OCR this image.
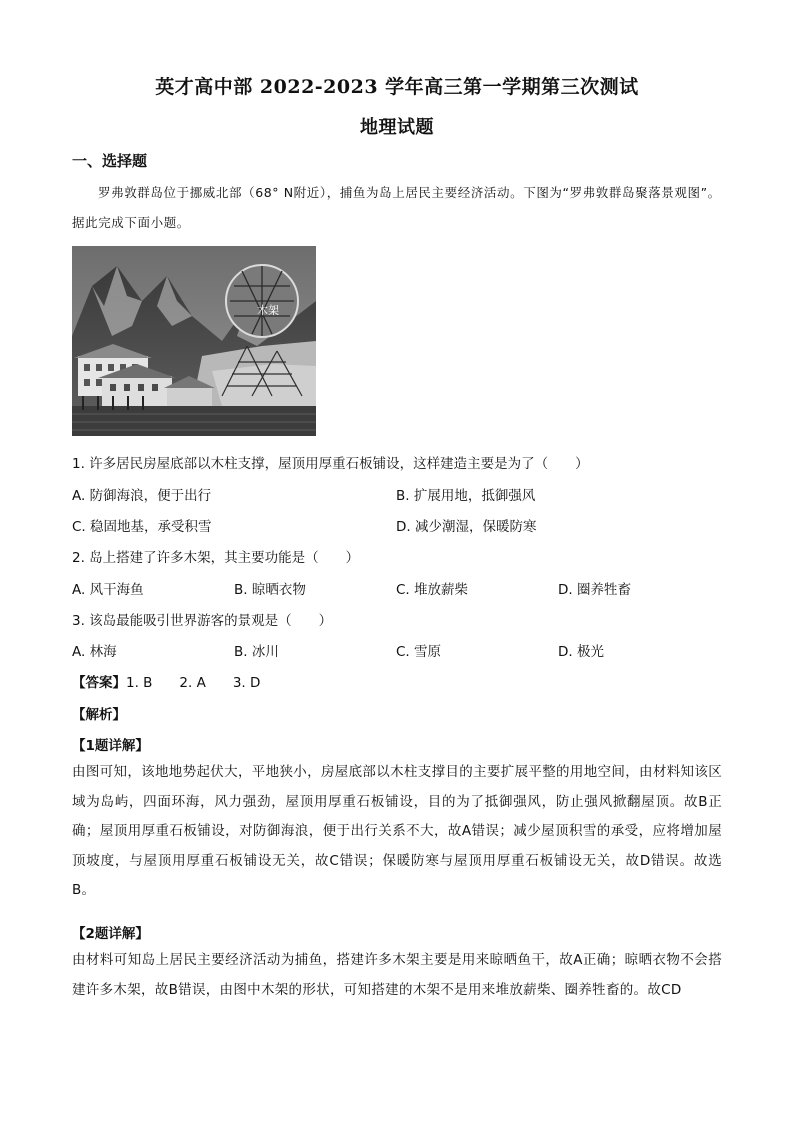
英才高中部 2022-2023 学年高三第一学期第三次测试
地理试题
一、选择题
罗弗敦群岛位于挪威北部（68° N附近），捕鱼为岛上居民主要经济活动。下图为“罗弗敦群岛聚落景观图”。据此完成下面小题。
木架
1. 许多居民房屋底部以木柱支撑，屋顶用厚重石板铺设，这样建造主要是为了（　　）
A. 防御海浪，便于出行	B. 扩展用地，抵御强风
C. 稳固地基，承受积雪	D. 减少潮湿，保暖防寒
2. 岛上搭建了许多木架，其主要功能是（　　）
A. 风干海鱼	B. 晾晒衣物	C. 堆放薪柴	D. 圈养牲畜
3. 该岛最能吸引世界游客的景观是（　　）
A. 林海	B. 冰川	C. 雪原	D. 极光
【答案】1. B　　2. A　　3. D
【解析】
【1题详解】
由图可知，该地地势起伏大，平地狭小，房屋底部以木柱支撑目的主要扩展平整的用地空间，由材料知该区域为岛屿，四面环海，风力强劲，屋顶用厚重石板铺设，目的为了抵御强风，防止强风掀翻屋顶。故B正确；屋顶用厚重石板铺设，对防御海浪，便于出行关系不大，故A错误；减少屋顶积雪的承受，应将增加屋顶坡度，与屋顶用厚重石板铺设无关，故C错误；保暖防寒与屋顶用厚重石板铺设无关，故D错误。故选B。
【2题详解】
由材料可知岛上居民主要经济活动为捕鱼，搭建许多木架主要是用来晾晒鱼干，故A正确；晾晒衣物不会搭建许多木架，故B错误，由图中木架的形状，可知搭建的木架不是用来堆放薪柴、圈养牲畜的。故CD
